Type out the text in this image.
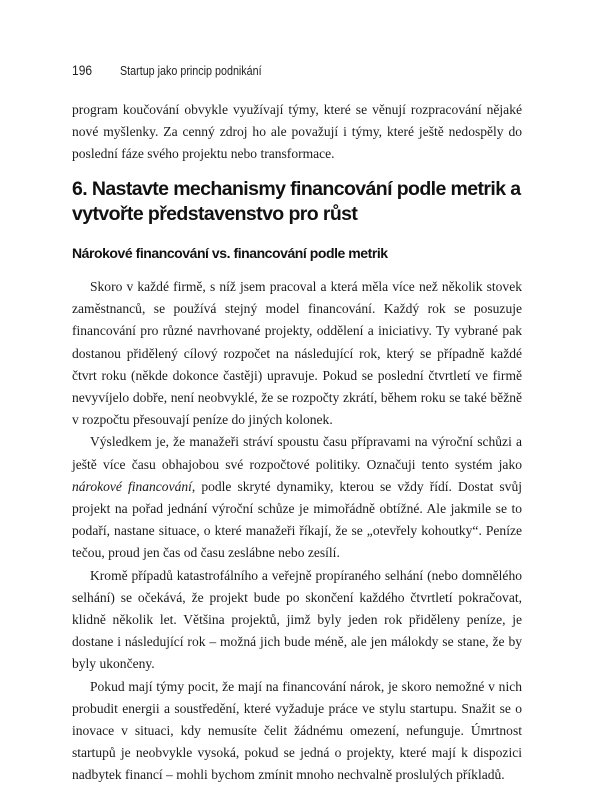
196	Startup jako princip podnikání

program koučování obvykle využívají týmy, které se věnují rozpracování nějaké nové myšlenky. Za cenný zdroj ho ale považují i týmy, které ještě nedospěly do poslední fáze svého projektu nebo transformace.

6. Nastavte mechanismy financování podle metrik a vytvořte představenstvo pro růst
Nárokové financování vs. financování podle metrik

Skoro v každé firmě, s níž jsem pracoval a která měla více než několik stovek zaměstnanců, se používá stejný model financování. Každý rok se posuzuje financování pro různé navrhované projekty, oddělení a iniciativy. Ty vybrané pak dostanou přidělený cílový rozpočet na následující rok, který se případně každé čtvrt roku (někde dokonce častěji) upravuje. Pokud se poslední čtvrtletí ve firmě nevyvíjelo dobře, není neobvyklé, že se rozpočty zkrátí, během roku se také běžně v rozpočtu přesouvají peníze do jiných kolonek.

Výsledkem je, že manažeři stráví spoustu času přípravami na výroční schůzi a ještě více času obhajobou své rozpočtové politiky. Označuji tento systém jako nárokové financování, podle skryté dynamiky, kterou se vždy řídí. Dostat svůj projekt na pořad jednání výroční schůze je mimořádně obtížné. Ale jakmile se to podaří, nastane situace, o které manažeři říkají, že se „otevřely kohoutky“. Peníze tečou, proud jen čas od času zeslábne nebo zesílí.

Kromě případů katastrofálního a veřejně propíraného selhání (nebo domnělého selhání) se očekává, že projekt bude po skončení každého čtvrtletí pokračovat, klidně několik let. Většina projektů, jimž byly jeden rok přiděleny peníze, je dostane i následující rok – možná jich bude méně, ale jen málokdy se stane, že by byly ukončeny.

Pokud mají týmy pocit, že mají na financování nárok, je skoro nemožné v nich probudit energii a soustředění, které vyžaduje práce ve stylu startupu. Snažit se o inovace v situaci, kdy nemusíte čelit žádnému omezení, nefunguje. Úmrtnost startupů je neobvykle vysoká, pokud se jedná o projekty, které mají k dispozici nadbytek financí – mohli bychom zmínit mnoho nechvalně proslulých příkladů.
